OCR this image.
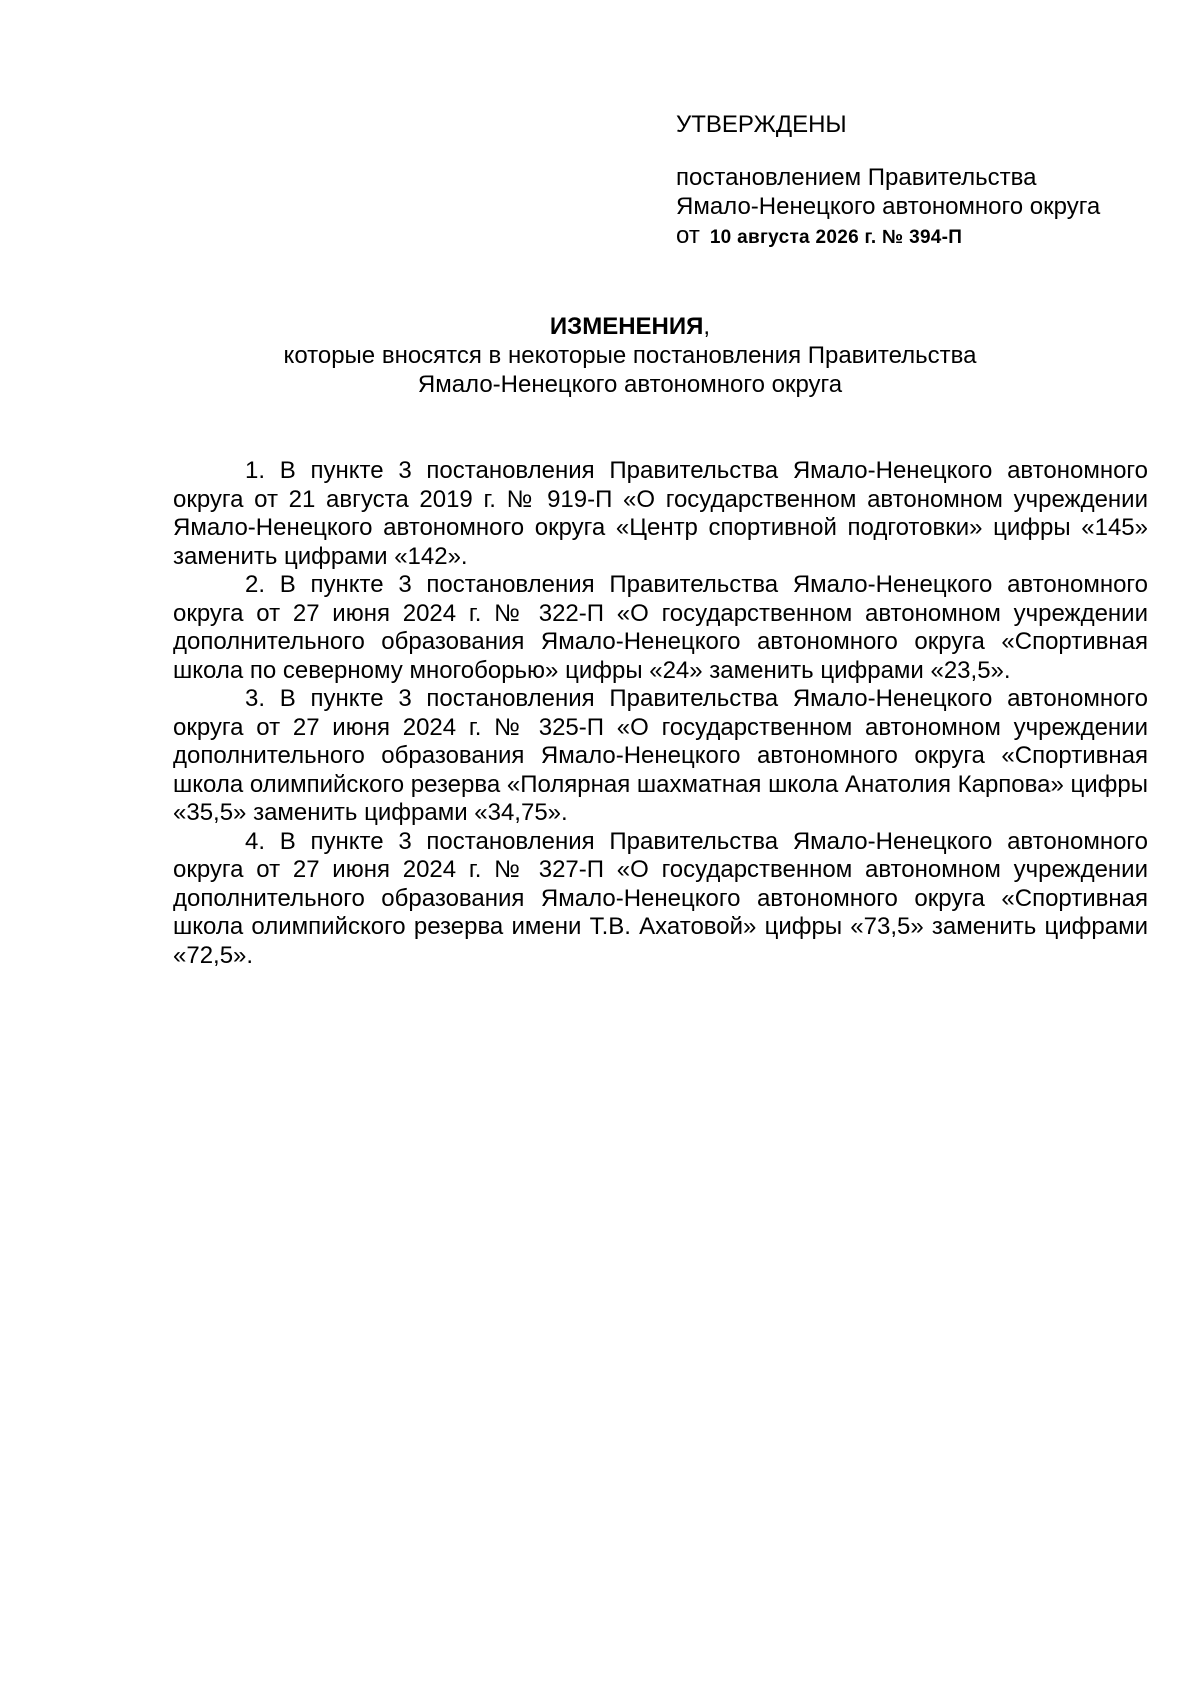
УТВЕРЖДЕНЫ
постановлением Правительства
Ямало-Ненецкого автономного округа
от 10 августа 2026 г. № 394-П
ИЗМЕНЕНИЯ,
которые вносятся в некоторые постановления Правительства
Ямало-Ненецкого автономного округа

1. В пункте 3 постановления Правительства Ямало-Ненецкого автономного округа от 21 августа 2019 г. № 919-П «О государственном автономном учреждении Ямало-Ненецкого автономного округа «Центр спортивной подготовки» цифры «145» заменить цифрами «142».

2. В пункте 3 постановления Правительства Ямало-Ненецкого автономного округа от 27 июня 2024 г. № 322-П «О государственном автономном учреждении дополнительного образования Ямало-Ненецкого автономного округа «Спортивная школа по северному многоборью» цифры «24» заменить цифрами «23,5».

3. В пункте 3 постановления Правительства Ямало-Ненецкого автономного округа от 27 июня 2024 г. № 325-П «О государственном автономном учреждении дополнительного образования Ямало-Ненецкого автономного округа «Спортивная школа олимпийского резерва «Полярная шахматная школа Анатолия Карпова» цифры «35,5» заменить цифрами «34,75».

4. В пункте 3 постановления Правительства Ямало-Ненецкого автономного округа от 27 июня 2024 г. № 327-П «О государственном автономном учреждении дополнительного образования Ямало-Ненецкого автономного округа «Спортивная школа олимпийского резерва имени Т.В. Ахатовой» цифры «73,5» заменить цифрами «72,5».
